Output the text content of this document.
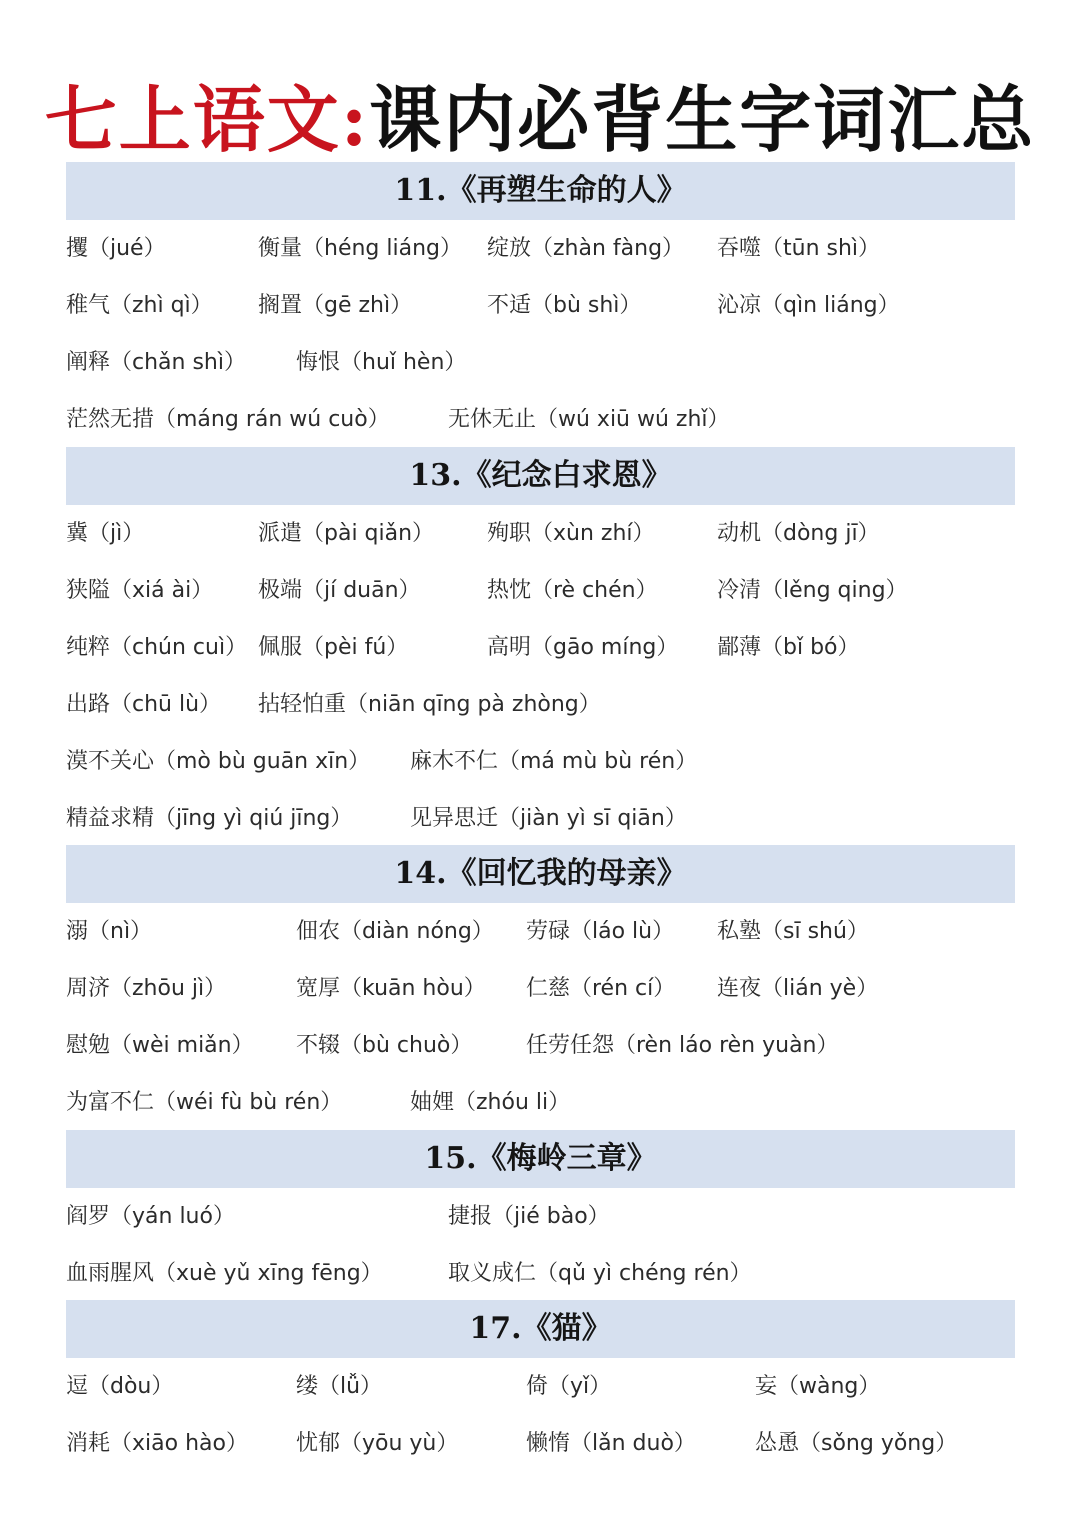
七上语文:课内必背生字词汇总
11.《再塑生命的人》
攫（jué）	衡量（héng liáng） 绽放（zhàn fàng） 吞噬（tūn shì）
稚气（zhì qì） 搁置（gē zhì）	不适（bù shì）	沁凉（qìn liáng）
阐释（chǎn shì） 悔恨（huǐ hèn）
茫然无措（máng rán wú cuò）	无休无止（wú xiū wú zhǐ）
13.《纪念白求恩》
冀（jì）	派遣（pài qiǎn） 殉职（xùn zhí）	动机（dòng jī）
狭隘（xiá ài） 极端（jí duān）	热忱（rè chén）	冷清（lěng qing）
纯粹（chún cuì） 佩服（pèi fú）	高明（gāo míng） 鄙薄（bǐ bó）
出路（chū lù） 拈轻怕重（niān qīng pà zhòng）
漠不关心（mò bù guān xīn） 麻木不仁（má mù bù rén）
精益求精（jīng yì qiú jīng）	见异思迁（jiàn yì sī qiān）
14.《回忆我的母亲》
溺（nì）	佃农（diàn nóng） 劳碌（láo lù） 私塾（sī shú）
周济（zhōu jì）	宽厚（kuān hòu） 仁慈（rén cí） 连夜（lián yè）
慰勉（wèi miǎn） 不辍（bù chuò） 任劳任怨（rèn láo rèn yuàn）
为富不仁（wéi fù bù rén）	妯娌（zhóu li）
15.《梅岭三章》
阎罗（yán luó）	捷报（jié bào）
血雨腥风（xuè yǔ xīng fēng）	取义成仁（qǔ yì chéng rén）
17.《猫》
逗（dòu）	缕（lǚ）	倚（yǐ）	妄（wàng）
消耗（xiāo hào） 忧郁（yōu yù）	懒惰（lǎn duò）	怂恿（sǒng yǒng）
